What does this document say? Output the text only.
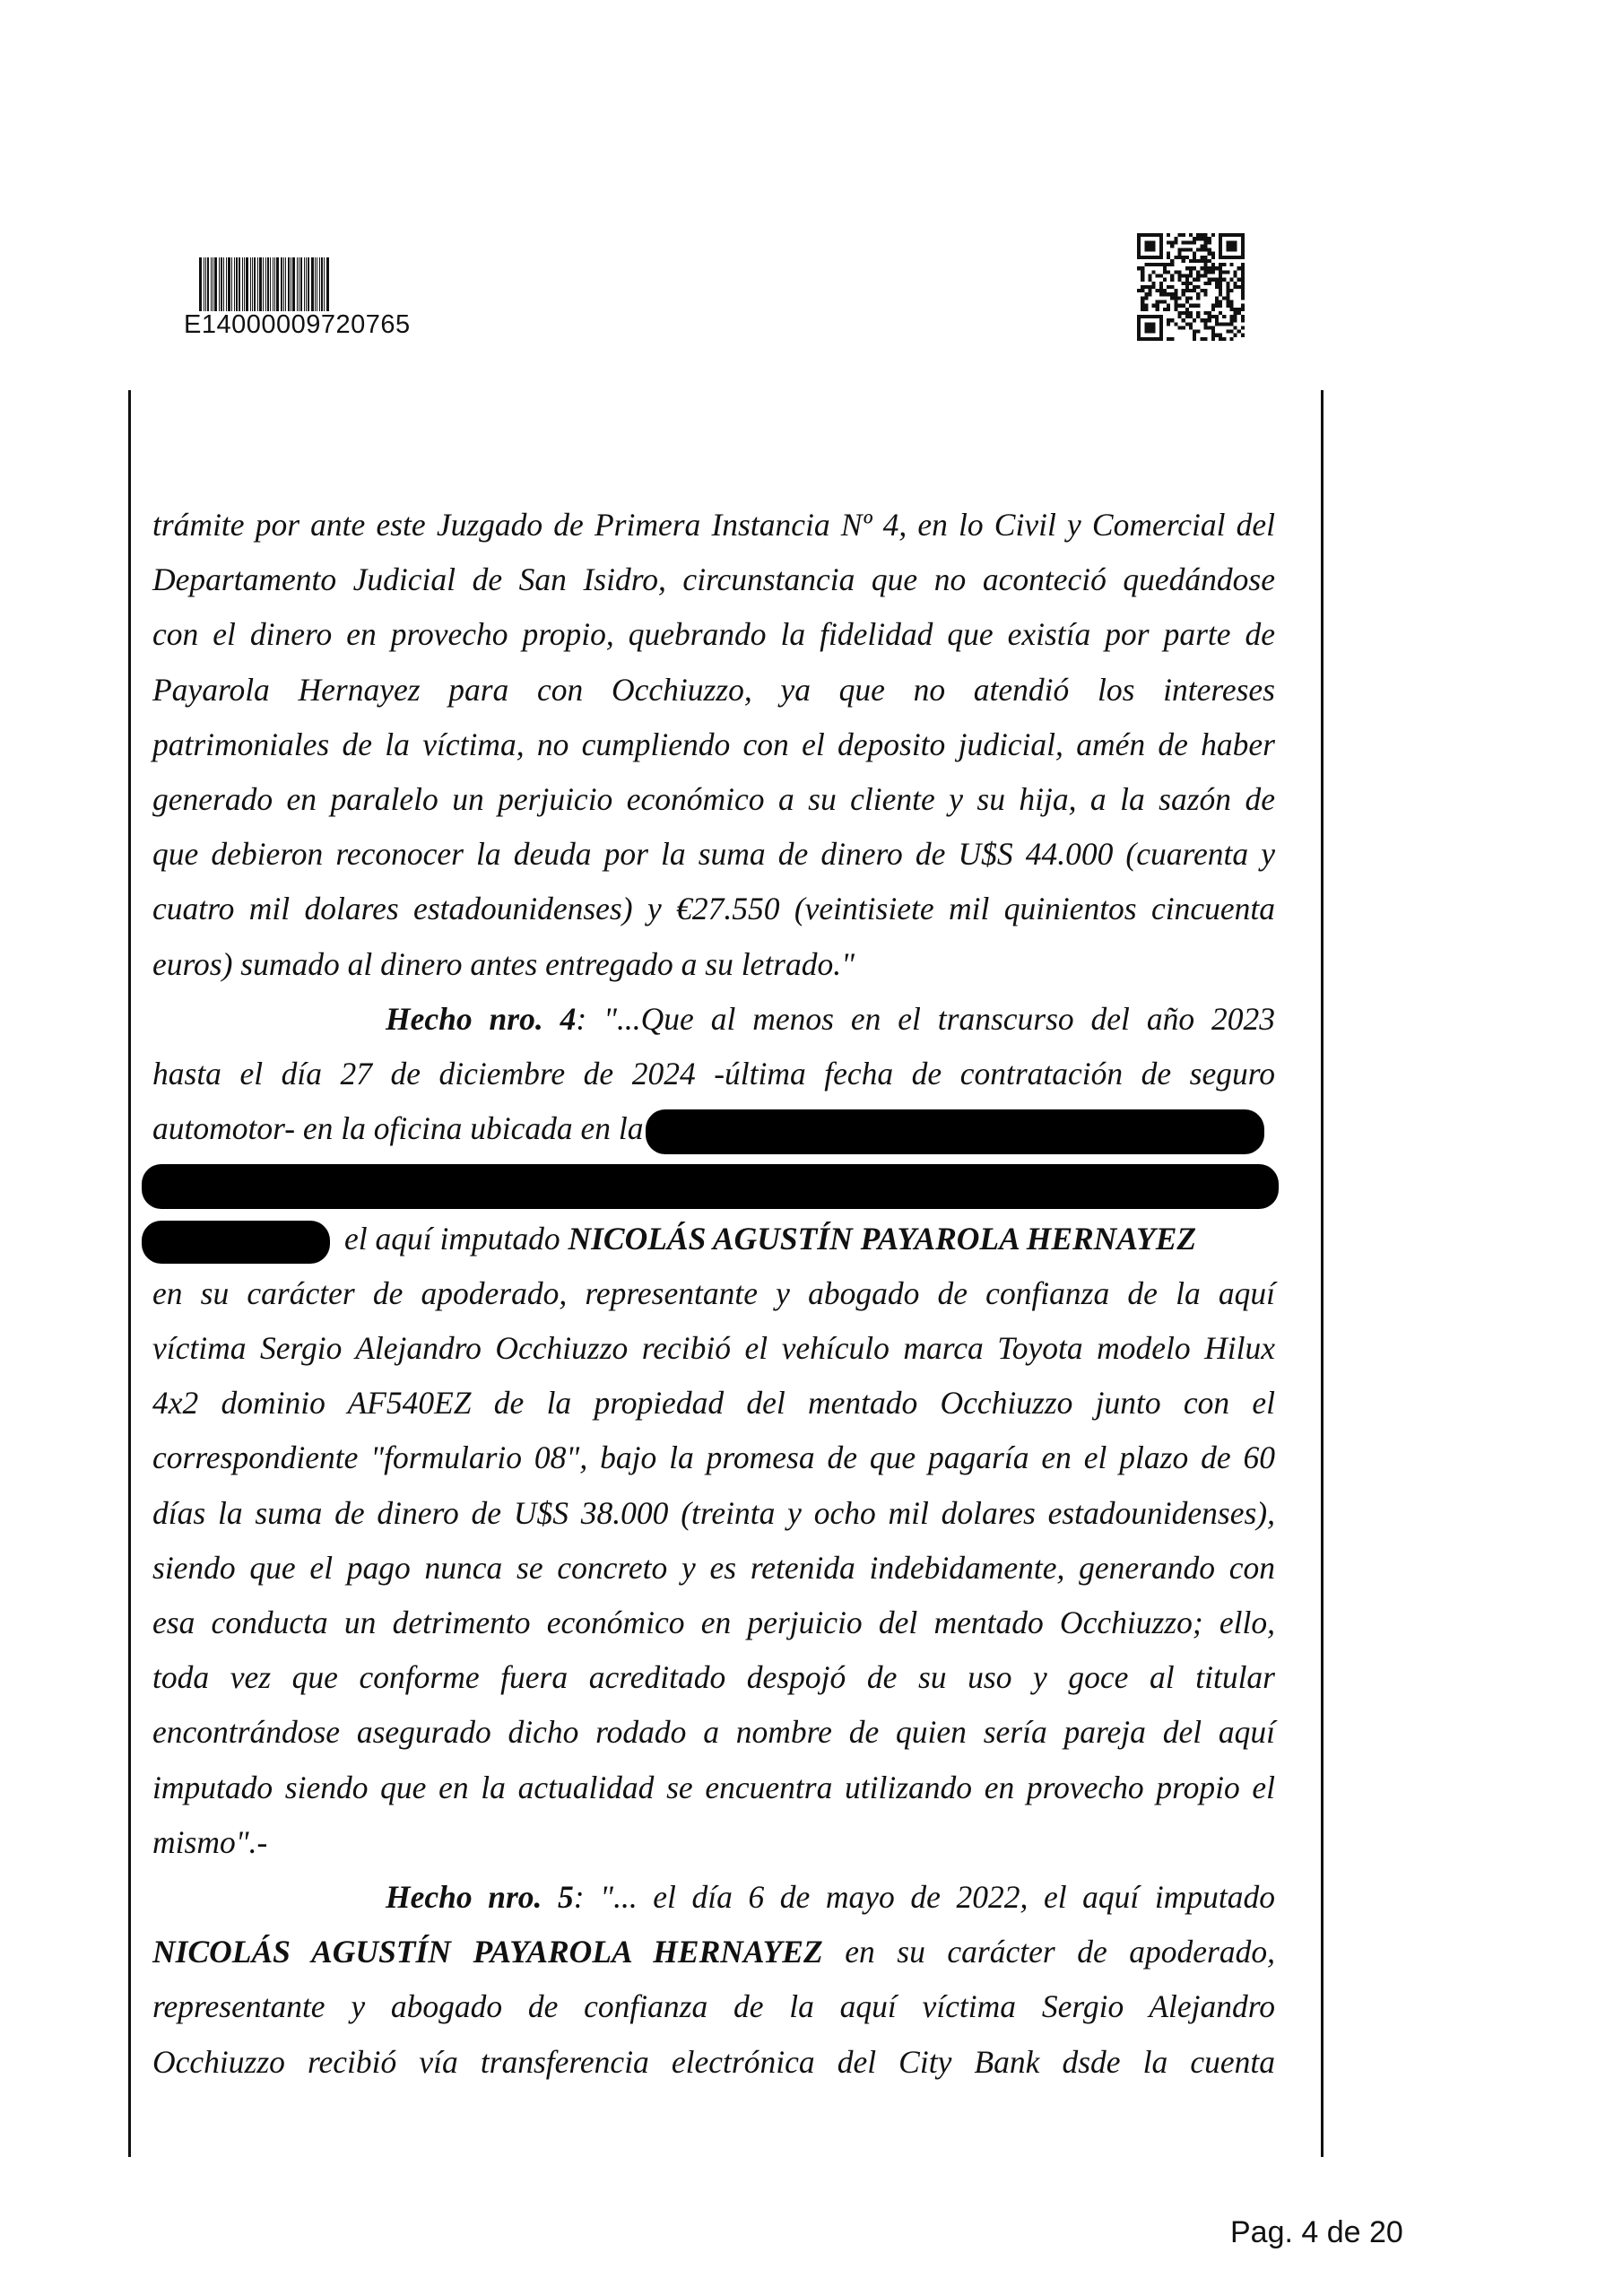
E14000009720765

trámite por ante este Juzgado de Primera Instancia Nº 4, en lo Civil y Comercial del
Departamento Judicial de San Isidro, circunstancia que no aconteció quedándose
con el dinero en provecho propio, quebrando la fidelidad que existía por parte de
Payarola Hernayez para con Occhiuzzo, ya que no atendió los intereses
patrimoniales de la víctima, no cumpliendo con el deposito judicial, amén de haber
generado en paralelo un perjuicio económico a su cliente y su hija, a la sazón de
que debieron reconocer la deuda por la suma de dinero de U$S 44.000 (cuarenta y
cuatro mil dolares estadounidenses) y €27.550 (veintisiete mil quinientos cincuenta
euros) sumado al dinero antes entregado a su letrado."

Hecho nro. 4: "...Que al menos en el transcurso del año 2023
hasta el día 27 de diciembre de 2024 -última fecha de contratación de seguro
automotor- en la oficina ubicada en la
el aquí imputado NICOLÁS AGUSTÍN PAYAROLA HERNAYEZ
en su carácter de apoderado, representante y abogado de confianza de la aquí
víctima Sergio Alejandro Occhiuzzo recibió el vehículo marca Toyota modelo Hilux
4x2 dominio AF540EZ de la propiedad del mentado Occhiuzzo junto con el
correspondiente "formulario 08", bajo la promesa de que pagaría en el plazo de 60
días la suma de dinero de U$S 38.000 (treinta y ocho mil dolares estadounidenses),
siendo que el pago nunca se concreto y es retenida indebidamente, generando con
esa conducta un detrimento económico en perjuicio del mentado Occhiuzzo; ello,
toda vez que conforme fuera acreditado despojó de su uso y goce al titular
encontrándose asegurado dicho rodado a nombre de quien sería pareja del aquí
imputado siendo que en la actualidad se encuentra utilizando en provecho propio el
mismo".-

Hecho nro. 5: "... el día 6 de mayo de 2022, el aquí imputado
NICOLÁS AGUSTÍN PAYAROLA HERNAYEZ en su carácter de apoderado,
representante y abogado de confianza de la aquí víctima Sergio Alejandro
Occhiuzzo recibió vía transferencia electrónica del City Bank dsde la cuenta

Pag. 4 de 20
